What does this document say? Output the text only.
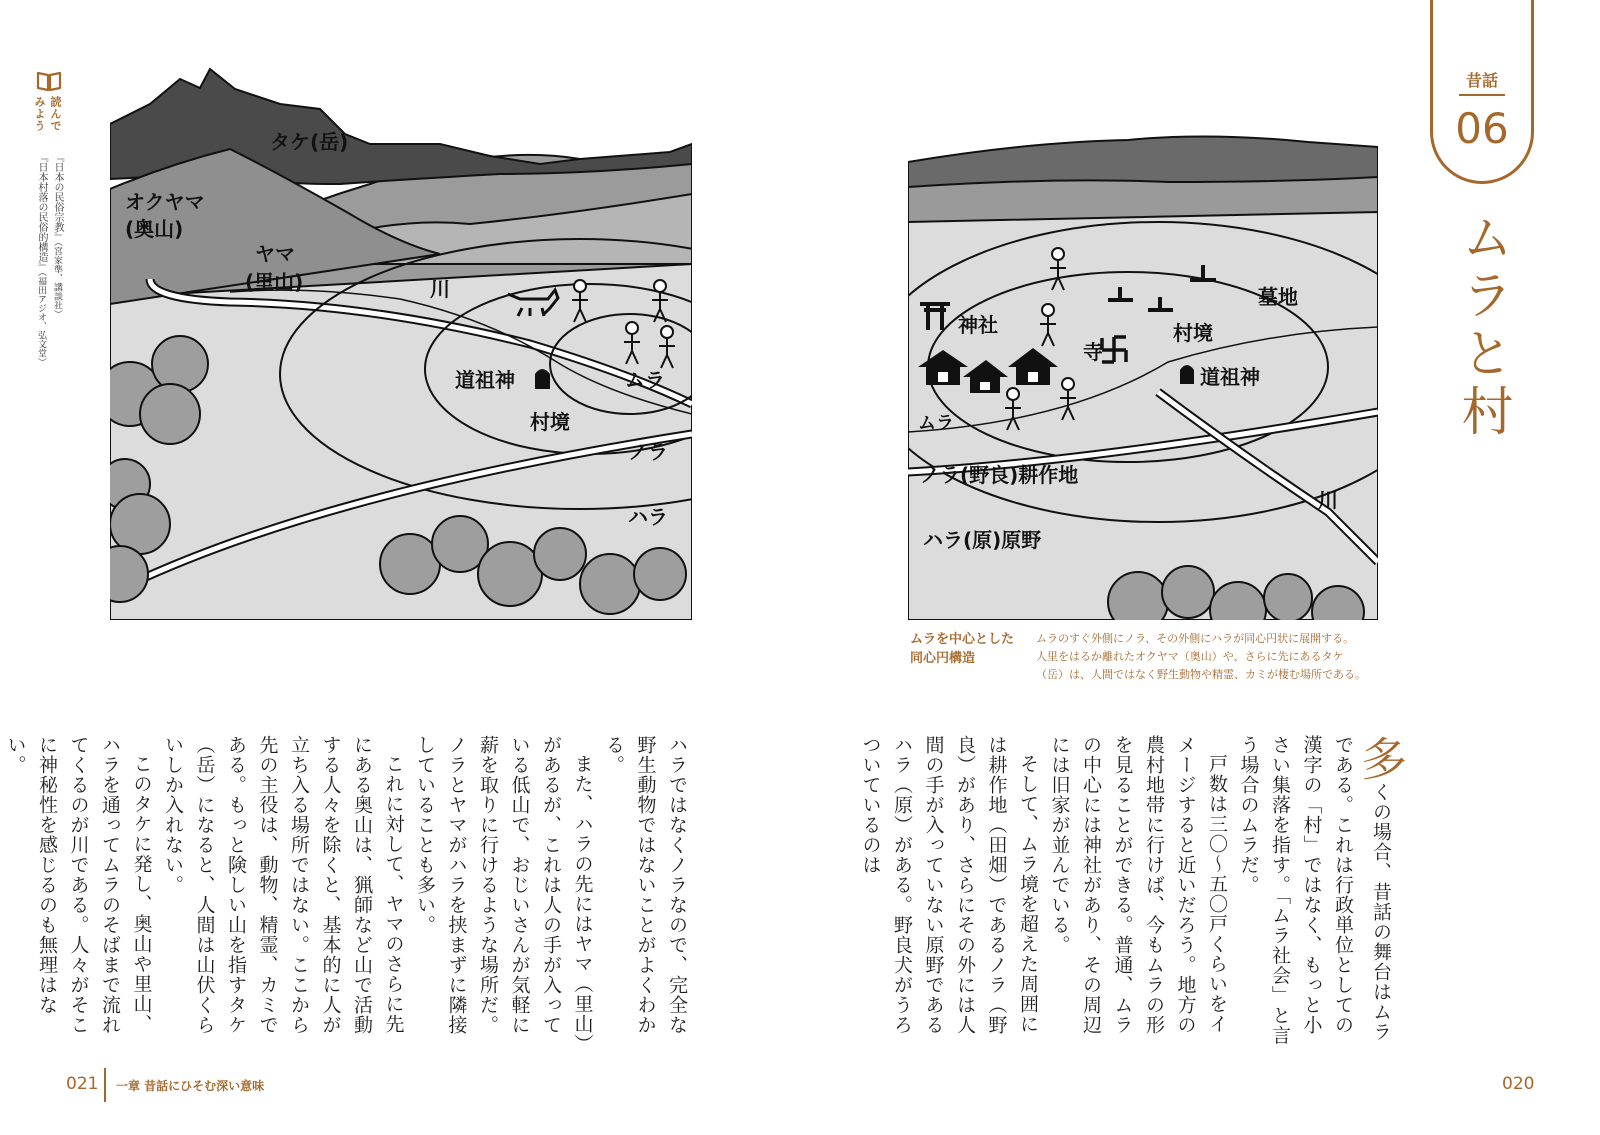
読んで
みよう
『日本の民俗宗教』（宮家準、講談社）
『日本村落の民俗的構造』（福田アジオ、弘文堂）
タケ(岳)
オクヤマ
(奥山)
ヤマ
(里山)	川
道祖神	ムラ
村境
ノラ
ハラ
神社
寺
村境
墓地
道祖神
ムラ
ノラ(野良)耕作地
川
ハラ(原)原野
ムラを中心とした
同心円構造
ムラのすぐ外側にノラ、その外側にハラが同心円状に展開する。
人里をはるか離れたオクヤマ（奥山）や、さらに先にあるタケ
（岳）は、人間ではなく野生動物や精霊、カミが棲む場所である。
昔話
06
ムラと村

多くの場合、昔話の舞台はムラである。これは行政単位としての漢字の「村」ではなく、もっと小さい集落を指す。「ムラ社会」と言う場合のムラだ。

戸数は三〇〜五〇戸くらいをイメージすると近いだろう。地方の農村地帯に行けば、今もムラの形を見ることができる。普通、ムラの中心には神社があり、その周辺には旧家が並んでいる。

そして、ムラ境を超えた周囲には耕作地（田畑）であるノラ（野良）があり、さらにその外には人間の手が入っていない原野であるハラ（原）がある。野良犬がうろついているのは

ハラではなくノラなので、完全な野生動物ではないことがよくわかる。

また、ハラの先にはヤマ（里山）があるが、これは人の手が入っている低山で、おじいさんが気軽に薪を取りに行けるような場所だ。ノラとヤマがハラを挟まずに隣接していることも多い。

これに対して、ヤマのさらに先にある奥山は、猟師など山で活動する人々を除くと、基本的に人が立ち入る場所ではない。ここから先の主役は、動物、精霊、カミである。もっと険しい山を指すタケ（岳）になると、人間は山伏くらいしか入れない。

このタケに発し、奥山や里山、ハラを通ってムラのそばまで流れてくるのが川である。人々がそこに神秘性を感じるのも無理はない。

021 一章 昔話にひそむ深い意味	020
